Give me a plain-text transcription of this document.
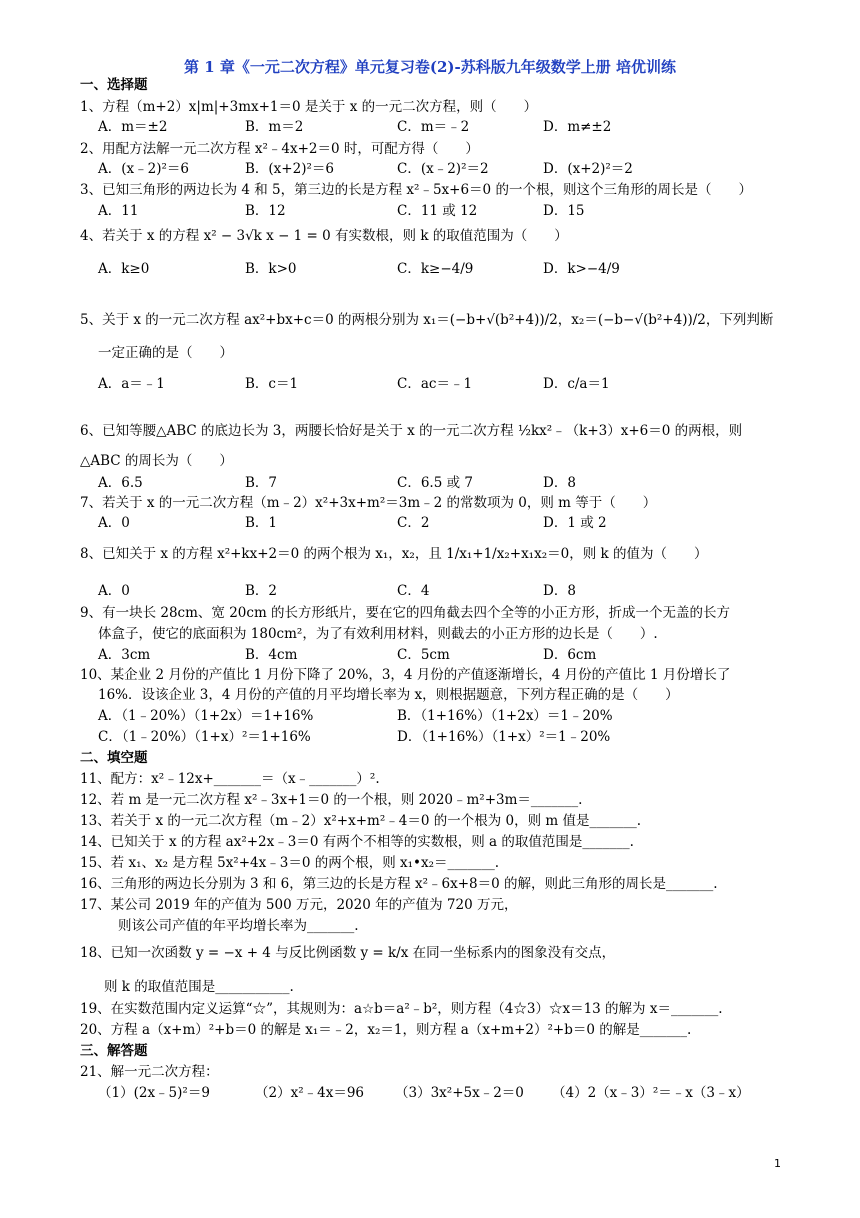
第 1 章《一元二次方程》单元复习卷(2)-苏科版九年级数学上册 培优训练
一、选择题
1、方程（m+2）x|m|+3mx+1＝0 是关于 x 的一元二次方程，则（　　）
A．m＝±2	B．m＝2	C．m＝﹣2	D．m≠±2
2、用配方法解一元二次方程 x²﹣4x+2＝0 时，可配方得（　　）
A．(x﹣2)²＝6	B．(x+2)²＝6	C．(x﹣2)²＝2	D．(x+2)²＝2
3、已知三角形的两边长为 4 和 5，第三边的长是方程 x²﹣5x+6＝0 的一个根，则这个三角形的周长是（　　）
A．11	B．12	C．11 或 12	D．15
4、若关于 x 的方程 x² − 3√k x − 1 = 0 有实数根，则 k 的取值范围为（　　）
A．k≥0	B．k>0	C．k≥−4/9	D．k>−4/9
5、关于 x 的一元二次方程 ax²+bx+c＝0 的两根分别为 x₁＝(−b+√(b²+4))/2，x₂＝(−b−√(b²+4))/2，下列判断
一定正确的是（　　）
A．a＝﹣1	B．c＝1	C．ac＝﹣1	D．c/a＝1
6、已知等腰△ABC 的底边长为 3，两腰长恰好是关于 x 的一元二次方程 ½kx²﹣（k+3）x+6＝0 的两根，则
△ABC 的周长为（　　）
A．6.5	B．7	C．6.5 或 7	D．8
7、若关于 x 的一元二次方程（m﹣2）x²+3x+m²＝3m﹣2 的常数项为 0，则 m 等于（　　）
A．0	B．1	C．2	D．1 或 2
8、已知关于 x 的方程 x²+kx+2＝0 的两个根为 x₁，x₂，且 1/x₁+1/x₂+x₁x₂＝0，则 k 的值为（　　）
A．0	B．2	C．4	D．8
9、有一块长 28cm、宽 20cm 的长方形纸片，要在它的四角截去四个全等的小正方形，折成一个无盖的长方
体盒子，使它的底面积为 180cm²，为了有效利用材料，则截去的小正方形的边长是（　　）.
A．3cm	B．4cm	C．5cm	D．6cm
10、某企业 2 月份的产值比 1 月份下降了 20%，3，4 月份的产值逐渐增长，4 月份的产值比 1 月份增长了
16%．设该企业 3，4 月份的产值的月平均增长率为 x，则根据题意，下列方程正确的是（　　）
A．（1﹣20%）（1+2x）＝1+16%	B．（1+16%）（1+2x）＝1﹣20%
C．（1﹣20%）（1+x）²＝1+16%	D．（1+16%）（1+x）²＝1﹣20%
二、填空题
11、配方：x²﹣12x+_______＝（x﹣_______）².
12、若 m 是一元二次方程 x²﹣3x+1＝0 的一个根，则 2020﹣m²+3m＝_______.
13、若关于 x 的一元二次方程（m﹣2）x²+x+m²﹣4＝0 的一个根为 0，则 m 值是_______.
14、已知关于 x 的方程 ax²+2x﹣3＝0 有两个不相等的实数根，则 a 的取值范围是_______.
15、若 x₁、x₂ 是方程 5x²+4x﹣3＝0 的两个根，则 x₁•x₂＝_______.
16、三角形的两边长分别为 3 和 6，第三边的长是方程 x²﹣6x+8＝0 的解，则此三角形的周长是_______.
17、某公司 2019 年的产值为 500 万元，2020 年的产值为 720 万元，
则该公司产值的年平均增长率为_______.
18、已知一次函数 y = −x + 4 与反比例函数 y = k/x 在同一坐标系内的图象没有交点，
则 k 的取值范围是___________.
19、在实数范围内定义运算“☆”，其规则为：a☆b＝a²﹣b²，则方程（4☆3）☆x＝13 的解为 x＝_______.
20、方程 a（x+m）²+b＝0 的解是 x₁＝﹣2，x₂＝1，则方程 a（x+m+2）²+b＝0 的解是_______.
三、解答题
21、解一元二次方程：
（1）(2x﹣5)²＝9	（2）x²﹣4x＝96 （3）3x²+5x﹣2＝0 （4）2（x﹣3）²＝﹣x（3﹣x）
1
